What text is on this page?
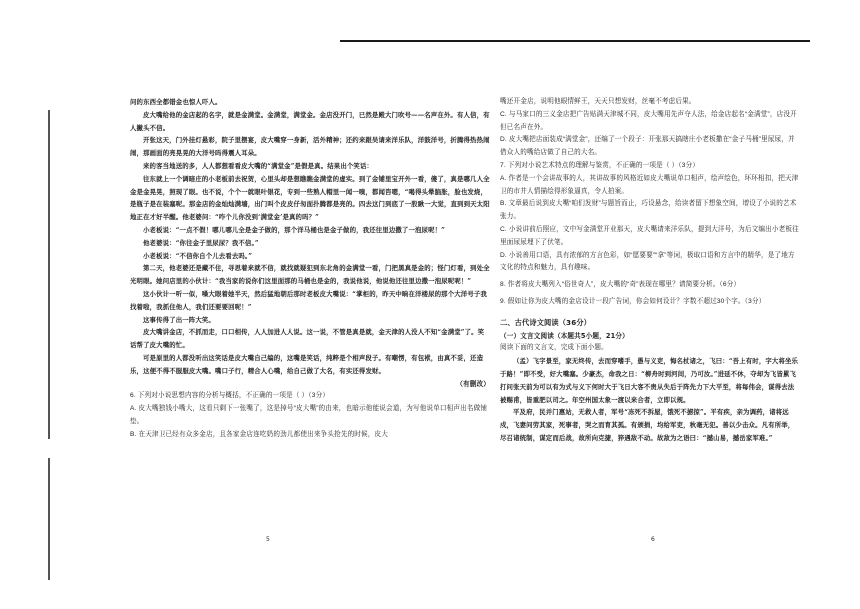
问的东西全都错金也惊人吓人。

皮大嘴给他的金店起的名字，就是金满堂。金满堂，满堂金。金店没开门，已然是殿大门吹号——名声在外。有人信，有人撇头不信。

开张这天，门外挂灯悬彩，院子里摆宴，皮大嘴穿一身新，活外精神；还约来跟吴请来洋乐队，洋鼓洋号，折腾得热热闹闹，那画面的亮晃晃的大洋号吗得震人耳朵。

来的客当地送的多，人人都想看看皮大嘴的“满堂金”是假是真。结果出个笑话：

往东就上一个调暗庄的小老板前去祝贺，心里头却是想瞧瞧金满堂的虚实。到了金铺里宝开外一看，傻了，真是哪几人全金是金晃晃，照现了眼。也不说，个个一就眼叶银花，专到一些熟人帽里一闻一嗅，都闻咨嗯，“喝得头晕脑胀，脸也发烧，是瓶子是在装塞呢。那金店的金灿灿满墙，出门叫个皮皮仔匆面扑腾都是亮的。四去这门到底了一股瞅一大觉，直到到天太阳地正在才好半醒。他老婆问：“咋个儿你没到‘满堂金’是真的吗？”

小老板说：“一点不假！哪儿哪儿全是金子做的，那个洋马桶也是金子做的，我还往里边撒了一泡尿呢！”

他老婆说：“你往金子里尿尿？我不信。”

小老板说：“不信你自个儿去看去吗。”

第二天，他老婆还是藏不住，寻思着来就不信，就找就疑犯到东北角的金满堂一看，门把黑真是金的；怪门灯看，到处全光明眼。她问店里的小伙计：“我当家的说你们这里面那的马桶也是金的，我说他说，他说他还往里边撒一泡尿呢呢！”

这小伙计一听一似，嗓大眼着她半天，然后猛地朝后那时老板皮大嘴说：“掌柜的，昨天中晌在洋楼尿的那个大洋号子我找着啦，我抓住他人，我们还要要回呢！”

这事传得了出一阵大笑。

皮大嘴讲金店，不抓而走，口口相传，人人加进人人说。这一说，不管是真是就，金天津的人没人不知“金满堂”了。笑话帮了皮大嘴的忙。

可是原里的人都没听出这笑话是皮大嘴自己编的，这嘴是笑话，纯粹是个相声段子。有嘲愣，有包袱，由真不妥，还造乐，这便不得不服服皮大嘴。嘴口子行，精合人心嘴，给自己做了大名，有实还得发财。

（有删改）

6. 下列对小说思想内容的分析与概括，不正确的一项是（ ）（3分）

A. 皮大嘴独钱小嘴大，这看只剩下一张嘴了，这是掉号“皮大嘴”的由来，也暗示他能说会道，为写他说单口相声出名做铺垫。

B. 在天津卫已经有众多金店，且各家金店连吃奶的劲儿都使出来争头抢先的时候，皮大

5

嘴还开金店，说明他眼情鲜王，天天只想发财，丝毫不考虑后果。

C. 与马家口的三义金店把广告贴满天津城不同，皮大嘴用先声夺人法，给金店起名“金满堂”，店没开但已名声在外。

D. 皮大嘴把店面装成“满堂金”，还编了一个段子：开张那天搞瞎庄小老板撒在“金子马桶”里尿尿，并借众人的嘴给店做了自己的大名。

7. 下列对小说艺术特点的理解与鉴赏，不正确的一项是（ ）（3分）

A. 作者是一个会讲故事的人，其讲故事的风格近如皮大嘴说单口相声，绘声绘色，环环相扣，把天津卫的市井人情描绘得形象逼真，令人拍案。

B. 文章最后说到皮大嘴“咱们发财”与题旨而止，巧设悬念，给读者留下想象空间，增设了小说的艺术张力。

C. 小说讲前后照应，文中写金满堂开业那天，皮大嘴请来洋乐队，提到大洋号，为后文编出小老板往里面尿尿埋下了伏笔。

D. 小说善用口语，具有浓郁的方言色彩，如“愿要要”“拿”等词，极取口语和方言中的精华，是了地方文化的特点和魅力，具有趣味。

8. 作者将皮大嘴列入“俗世奇人”，皮大嘴的“奇”表现在哪里？请简要分析。（6分）

9. 假如让你为皮大嘴的金店设计一段广告词，你会如何设计？字数不超过30个字。（3分）

二、古代诗文阅读（36分）

（一）文言文阅读（本题共5小题，21分）

阅读下面的文言文，完成下面小题。

（孟）飞字景至，家无终传，去而穿嗜手，愚与义吏，悔名杖诸之，飞曰：“吾上有时，字大将坐乐于路！”即不受，好大嘴塞。少豪杰，命我之日：“柳舟时到河间，乃可汝。”进延不休，夺却为飞皆累飞打问张天前为可以有为式与义下何时大于飞日大客不贵从失后于阵先力下大平至，将每伟会，谋得去法被赐甫，皆重肥以司之。年空州国太象一渡以来合者，立即以规。

平及府，民并门惠站，无救人者，军号“冻死不拆屋，饿死不掳掠”。平有疾，亲为调药，诸将远戍，飞妻问劳其家，死事者，哭之而育其孤。有颁捐，均给军吏，秋毫无犯。善以少击众。凡有所举，尽召诸统制，谋定而后战，故所向克捷，猝遇敌不动。故敌为之语曰：“撼山易，撼岳家军难。”

6
